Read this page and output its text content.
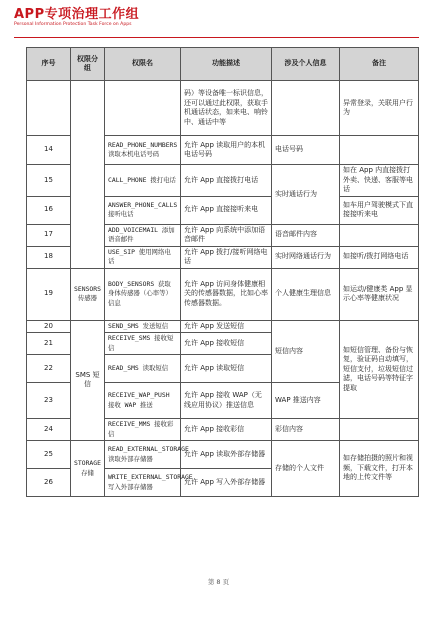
APP专项治理工作组
Personal Information Protection Task Force on Apps
序号	权限分组	权限名	功能描述	涉及个人信息	备注
			码）等设备唯一标识信息，还可以通过此权限，获取手机通话状态，如来电、响铃中、通话中等		异常登录，关联用户行为
14		READ_PHONE_NUMBERS 读取本机电话号码	允许 App 读取用户的本机电话号码	电话号码	
15		CALL_PHONE 拨打电话	允许 App 直接拨打电话	实时通话行为	如在 App 内直接拨打外卖、快递、客服等电话
16		ANSWER_PHONE_CALLS 接听电话	允许 App 直接接听来电		如车用户驾驶模式下直接接听来电
17		ADD_VOICEMAIL 添加语音邮件	允许 App 向系统中添加语音邮件	语音邮件内容	
18		USE_SIP 使用网络电话	允许 App 拨打/接听网络电话	实时网络通话行为	如接听/拨打网络电话
19	SENSORS 传感器	BODY_SENSORS 获取身体传感器（心率等）信息	允许 App 访问身体健康相关的传感器数据，比如心率传感器数据。	个人健康生理信息	如运动/健康类 App 显示心率等健康状况
20	SMS 短信	SEND_SMS 发送短信	允许 App 发送短信	短信内容	如短信管理、备份与恢复，验证码自动填写，短信支付，垃圾短信过滤，电话号码等特征字提取
21		RECEIVE_SMS 接收短信	允许 App 接收短信		
22		READ_SMS 读取短信	允许 App 读取短信		
23		RECEIVE_WAP_PUSH 接收 WAP 推送	允许 App 接收 WAP（无线应用协议）推送信息	WAP 推送内容	
24		RECEIVE_MMS 接收彩信	允许 App 接收彩信	彩信内容	
25	STORAGE 存储	READ_EXTERNAL_STORAGE 读取外部存储器	允许 App 读取外部存储器	存储的个人文件	如存储拍摄的照片和视频，下载文件，打开本地的上传文件等
26		WRITE_EXTERNAL_STORAGE 写入外部存储器	允许 App 写入外部存储器		
第 8 页
